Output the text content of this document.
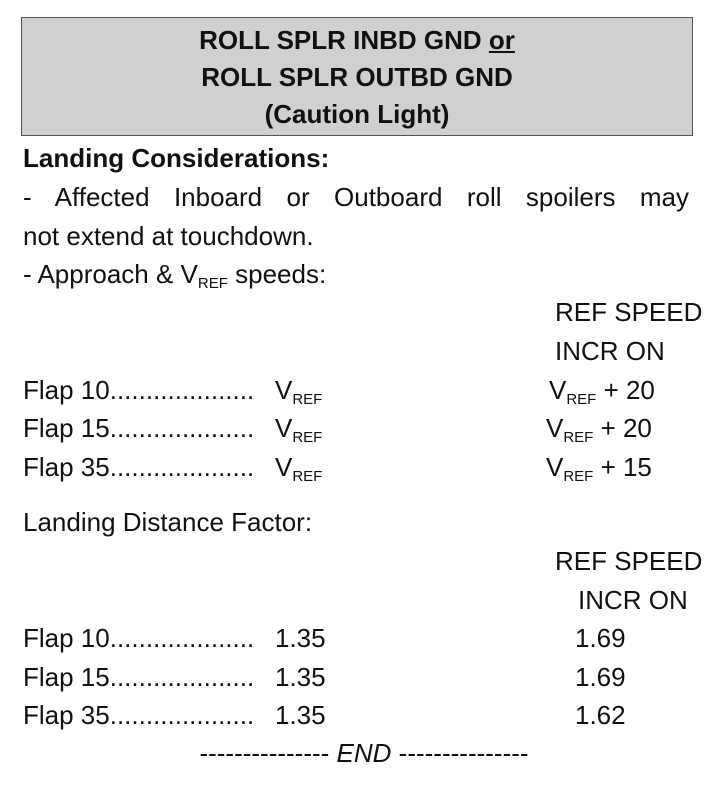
ROLL SPLR INBD GND or
ROLL SPLR OUTBD GND
(Caution Light)
Landing Considerations:
- Affected Inboard or Outboard roll spoilers may
not extend at touchdown.
- Approach & $V_{REF}$ speeds:
REF SPEED
INCR ON
Flap 10.................... $V_{REF}$	$V_{REF} + 20$
Flap 15.................... $V_{REF}$	$V_{REF} + 20$
Flap 35.................... $V_{REF}$	$V_{REF} + 15$
Landing Distance Factor:
REF SPEED
INCR ON
Flap 10.................... 1.35	1.69
Flap 15.................... 1.35	1.69
Flap 35.................... 1.35	1.62
--------------- END ---------------
